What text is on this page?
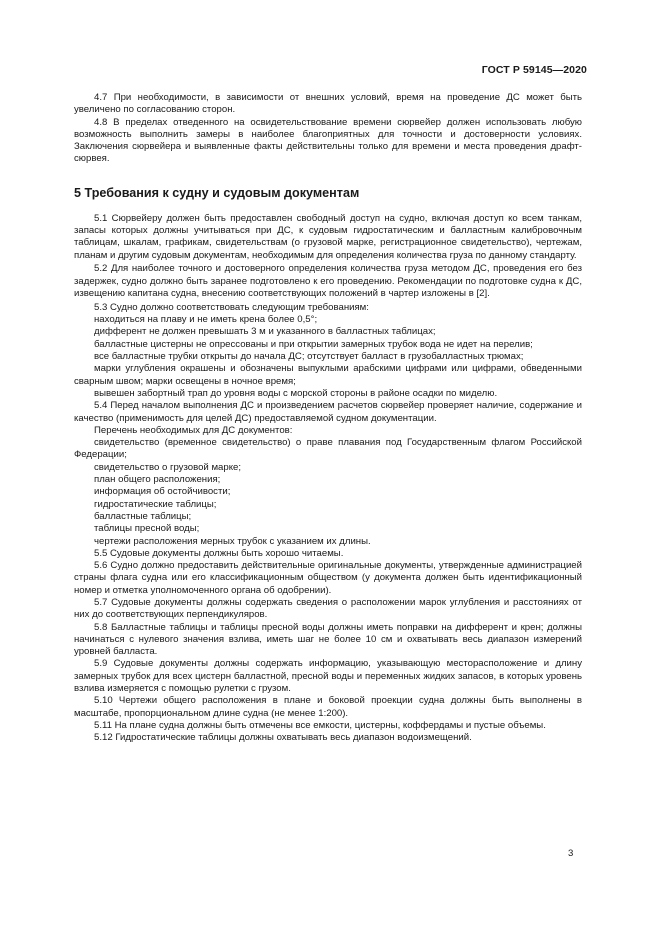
ГОСТ Р 59145—2020

4.7 При необходимости, в зависимости от внешних условий, время на проведение ДС может быть увеличено по согласованию сторон.

4.8 В пределах отведенного на освидетельствование времени сюрвейер должен использовать любую возможность выполнить замеры в наиболее благоприятных для точности и достоверности условиях. Заключения сюрвейера и выявленные факты действительны только для времени и места проведения драфт-сюрвея.

5 Требования к судну и судовым документам

5.1 Сюрвейеру должен быть предоставлен свободный доступ на судно, включая доступ ко всем танкам, запасы которых должны учитываться при ДС, к судовым гидростатическим и балластным калибровочным таблицам, шкалам, графикам, свидетельствам (о грузовой марке, регистрационное свидетельство), чертежам, планам и другим судовым документам, необходимым для определения количества груза по данному стандарту.

5.2 Для наиболее точного и достоверного определения количества груза методом ДС, проведения его без задержек, судно должно быть заранее подготовлено к его проведению. Рекомендации по подготовке судна к ДС, извещению капитана судна, внесению соответствующих положений в чартер изложены в [2].

5.3 Судно должно соответствовать следующим требованиям:

находиться на плаву и не иметь крена более 0,5°;

дифферент не должен превышать 3 м и указанного в балластных таблицах;

балластные цистерны не опрессованы и при открытии замерных трубок вода не идет на перелив;

все балластные трубки открыты до начала ДС; отсутствует балласт в грузобалластных трюмах;

марки углубления окрашены и обозначены выпуклыми арабскими цифрами или цифрами, обведенными сварным швом; марки освещены в ночное время;

вывешен забортный трап до уровня воды с морской стороны в районе осадки по миделю.

5.4 Перед началом выполнения ДС и произведением расчетов сюрвейер проверяет наличие, содержание и качество (применимость для целей ДС) предоставляемой судном документации.

Перечень необходимых для ДС документов:

свидетельство (временное свидетельство) о праве плавания под Государственным флагом Российской Федерации;

свидетельство о грузовой марке;

план общего расположения;

информация об остойчивости;

гидростатические таблицы;

балластные таблицы;

таблицы пресной воды;

чертежи расположения мерных трубок с указанием их длины.

5.5 Судовые документы должны быть хорошо читаемы.

5.6 Судно должно предоставить действительные оригинальные документы, утвержденные администрацией страны флага судна или его классификационным обществом (у документа должен быть идентификационный номер и отметка уполномоченного органа об одобрении).

5.7 Судовые документы должны содержать сведения о расположении марок углубления и расстояниях от них до соответствующих перпендикуляров.

5.8 Балластные таблицы и таблицы пресной воды должны иметь поправки на дифферент и крен; должны начинаться с нулевого значения взлива, иметь шаг не более 10 см и охватывать весь диапазон измерений уровней балласта.

5.9 Судовые документы должны содержать информацию, указывающую месторасположение и длину замерных трубок для всех цистерн балластной, пресной воды и переменных жидких запасов, в которых уровень взлива измеряется с помощью рулетки с грузом.

5.10 Чертежи общего расположения в плане и боковой проекции судна должны быть выполнены в масштабе, пропорциональном длине судна (не менее 1:200).

5.11 На плане судна должны быть отмечены все емкости, цистерны, коффердамы и пустые объемы.

5.12 Гидростатические таблицы должны охватывать весь диапазон водоизмещений.

3
